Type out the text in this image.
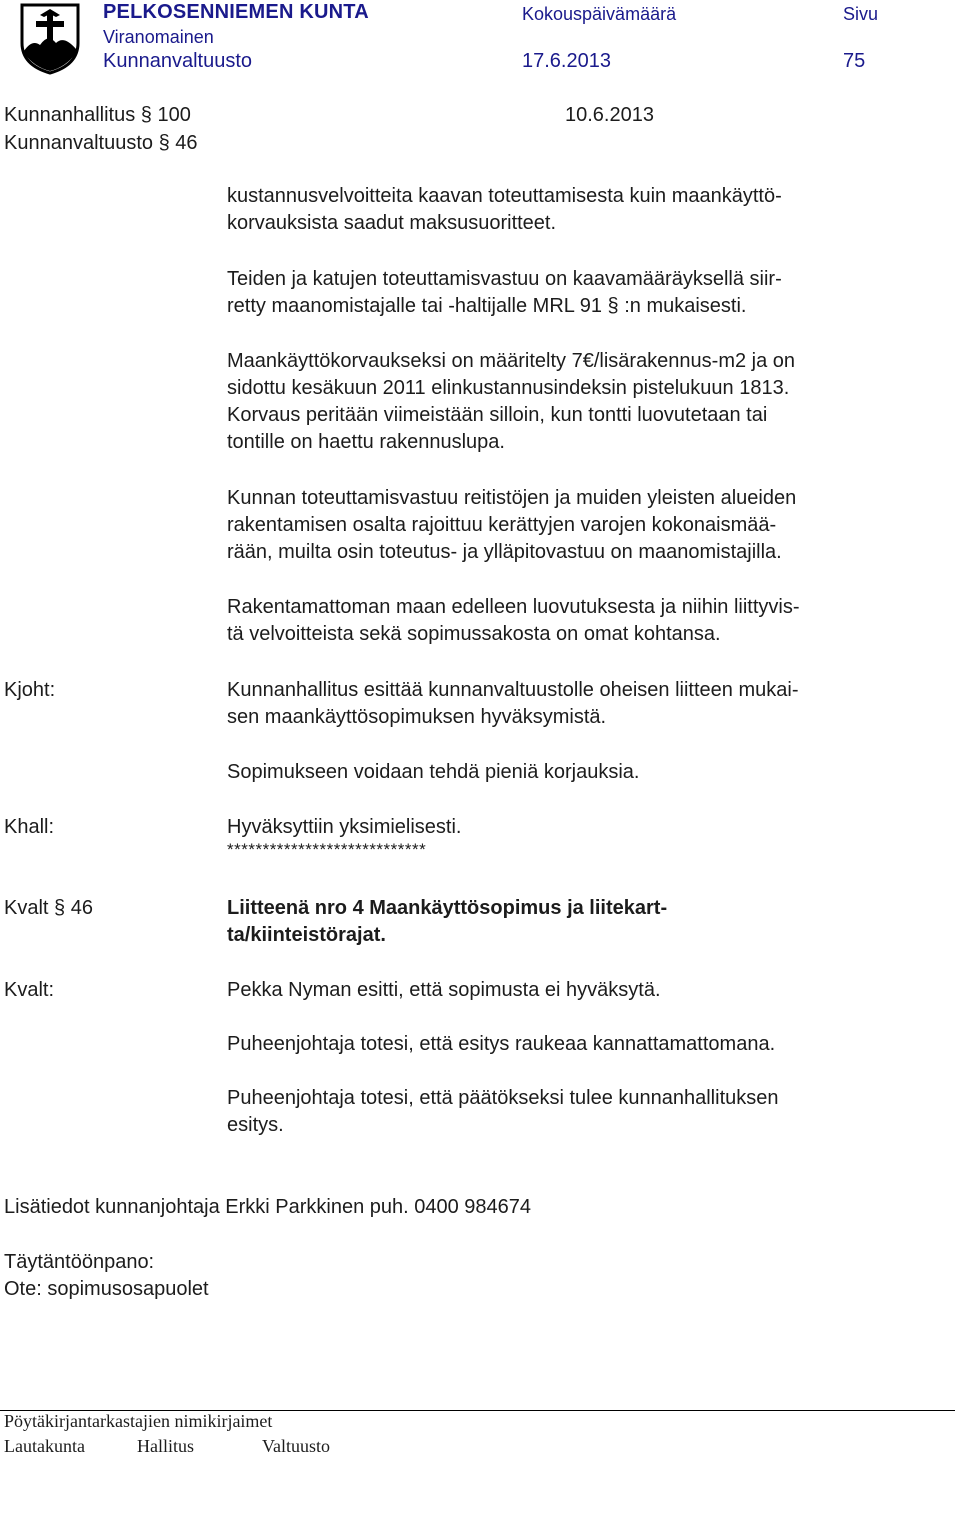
PELKOSENNIEMEN KUNTA	Kokouspäivämäärä	Sivu
Viranomainen
Kunnanvaltuusto	17.6.2013	75
Kunnanhallitus § 100	10.6.2013
Kunnanvaltuusto § 46
kustannusvelvoitteita kaavan toteuttamisesta kuin maankäyttö-
korvauksista saadut maksusuoritteet.
Teiden ja katujen toteuttamisvastuu on kaavamääräyksellä siir-
retty maanomistajalle tai -haltijalle MRL 91 § :n mukaisesti.
Maankäyttökorvaukseksi on määritelty 7€/lisärakennus-m2 ja on
sidottu kesäkuun 2011 elinkustannusindeksin pistelukuun 1813.
Korvaus peritään viimeistään silloin, kun tontti luovutetaan tai
tontille on haettu rakennuslupa.
Kunnan toteuttamisvastuu reitistöjen ja muiden yleisten alueiden
rakentamisen osalta rajoittuu kerättyjen varojen kokonaismää-
rään, muilta osin toteutus- ja ylläpitovastuu on maanomistajilla.
Rakentamattoman maan edelleen luovutuksesta ja niihin liittyvis-
tä velvoitteista sekä sopimussakosta on omat kohtansa.
Kjoht:	Kunnanhallitus esittää kunnanvaltuustolle oheisen liitteen mukai-
sen maankäyttösopimuksen hyväksymistä.
Sopimukseen voidaan tehdä pieniä korjauksia.
Khall:	Hyväksyttiin yksimielisesti.
****************************
Kvalt § 46	Liitteenä nro 4 Maankäyttösopimus ja liitekart-
ta/kiinteistörajat.
Kvalt:	Pekka Nyman esitti, että sopimusta ei hyväksytä.
Puheenjohtaja totesi, että esitys raukeaa kannattamattomana.
Puheenjohtaja totesi, että päätökseksi tulee kunnanhallituksen
esitys.
Lisätiedot kunnanjohtaja Erkki Parkkinen puh. 0400 984674
Täytäntöönpano:
Ote: sopimusosapuolet
Pöytäkirjantarkastajien nimikirjaimet
Lautakunta	Hallitus	Valtuusto
